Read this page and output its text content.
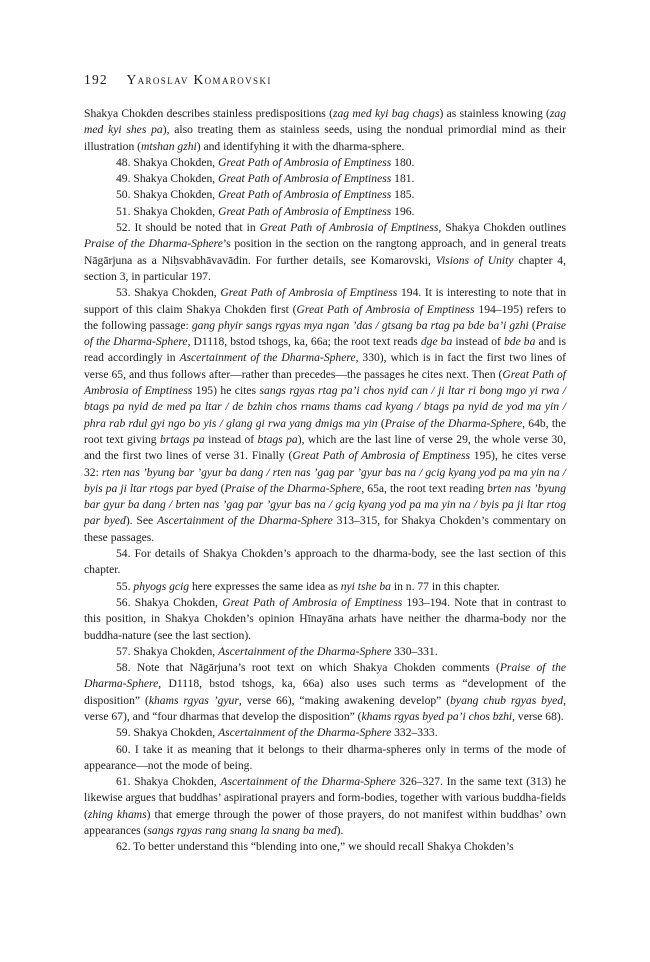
192 Yaroslav Komarovski

Shakya Chokden describes stainless predispositions (zag med kyi bag chags) as stainless knowing (zag med kyi shes pa), also treating them as stainless seeds, using the nondual primordial mind as their illustration (mtshan gzhi) and identifyhing it with the dharma-sphere.

48. Shakya Chokden, Great Path of Ambrosia of Emptiness 180.

49. Shakya Chokden, Great Path of Ambrosia of Emptiness 181.

50. Shakya Chokden, Great Path of Ambrosia of Emptiness 185.

51. Shakya Chokden, Great Path of Ambrosia of Emptiness 196.

52. It should be noted that in Great Path of Ambrosia of Emptiness, Shakya Chokden outlines Praise of the Dharma-Sphere’s position in the section on the rangtong approach, and in general treats Nāgārjuna as a Niḥsvabhāvavādin. For further details, see Komarovski, Visions of Unity chapter 4, section 3, in particular 197.

53. Shakya Chokden, Great Path of Ambrosia of Emptiness 194. It is interesting to note that in support of this claim Shakya Chokden first (Great Path of Ambrosia of Emptiness 194–195) refers to the following passage: gang phyir sangs rgyas mya ngan ’das / gtsang ba rtag pa bde ba’i gzhi (Praise of the Dharma-Sphere, D1118, bstod tshogs, ka, 66a; the root text reads dge ba instead of bde ba and is read accordingly in Ascertainment of the Dharma-Sphere, 330), which is in fact the first two lines of verse 65, and thus follows after—rather than precedes—the passages he cites next. Then (Great Path of Ambrosia of Emptiness 195) he cites sangs rgyas rtag pa’i chos nyid can / ji ltar ri bong mgo yi rwa / btags pa nyid de med pa ltar / de bzhin chos rnams thams cad kyang / btags pa nyid de yod ma yin / phra rab rdul gyi ngo bo yis / glang gi rwa yang dmigs ma yin (Praise of the Dharma-Sphere, 64b, the root text giving brtags pa instead of btags pa), which are the last line of verse 29, the whole verse 30, and the first two lines of verse 31. Finally (Great Path of Ambrosia of Emptiness 195), he cites verse 32: rten nas ’byung bar ’gyur ba dang / rten nas ’gag par ’gyur bas na / gcig kyang yod pa ma yin na / byis pa ji ltar rtogs par byed (Praise of the Dharma-Sphere, 65a, the root text reading brten nas ’byung bar gyur ba dang / brten nas ’gag par ’gyur bas na / gcig kyang yod pa ma yin na / byis pa ji ltar rtog par byed). See Ascertainment of the Dharma-Sphere 313–315, for Shakya Chokden’s commentary on these passages.

54. For details of Shakya Chokden’s approach to the dharma-body, see the last section of this chapter.

55. phyogs gcig here expresses the same idea as nyi tshe ba in n. 77 in this chapter.

56. Shakya Chokden, Great Path of Ambrosia of Emptiness 193–194. Note that in contrast to this position, in Shakya Chokden’s opinion Hīnayāna arhats have neither the dharma-body nor the buddha-nature (see the last section).

57. Shakya Chokden, Ascertainment of the Dharma-Sphere 330–331.

58. Note that Nāgārjuna’s root text on which Shakya Chokden comments (Praise of the Dharma-Sphere, D1118, bstod tshogs, ka, 66a) also uses such terms as “development of the disposition” (khams rgyas ’gyur, verse 66), “making awakening develop” (byang chub rgyas byed, verse 67), and “four dharmas that develop the disposition” (khams rgyas byed pa’i chos bzhi, verse 68).

59. Shakya Chokden, Ascertainment of the Dharma-Sphere 332–333.

60. I take it as meaning that it belongs to their dharma-spheres only in terms of the mode of appearance—not the mode of being.

61. Shakya Chokden, Ascertainment of the Dharma-Sphere 326–327. In the same text (313) he likewise argues that buddhas’ aspirational prayers and form-bodies, together with various buddha-fields (zhing khams) that emerge through the power of those prayers, do not manifest within buddhas’ own appearances (sangs rgyas rang snang la snang ba med).

62. To better understand this “blending into one,” we should recall Shakya Chokden’s
